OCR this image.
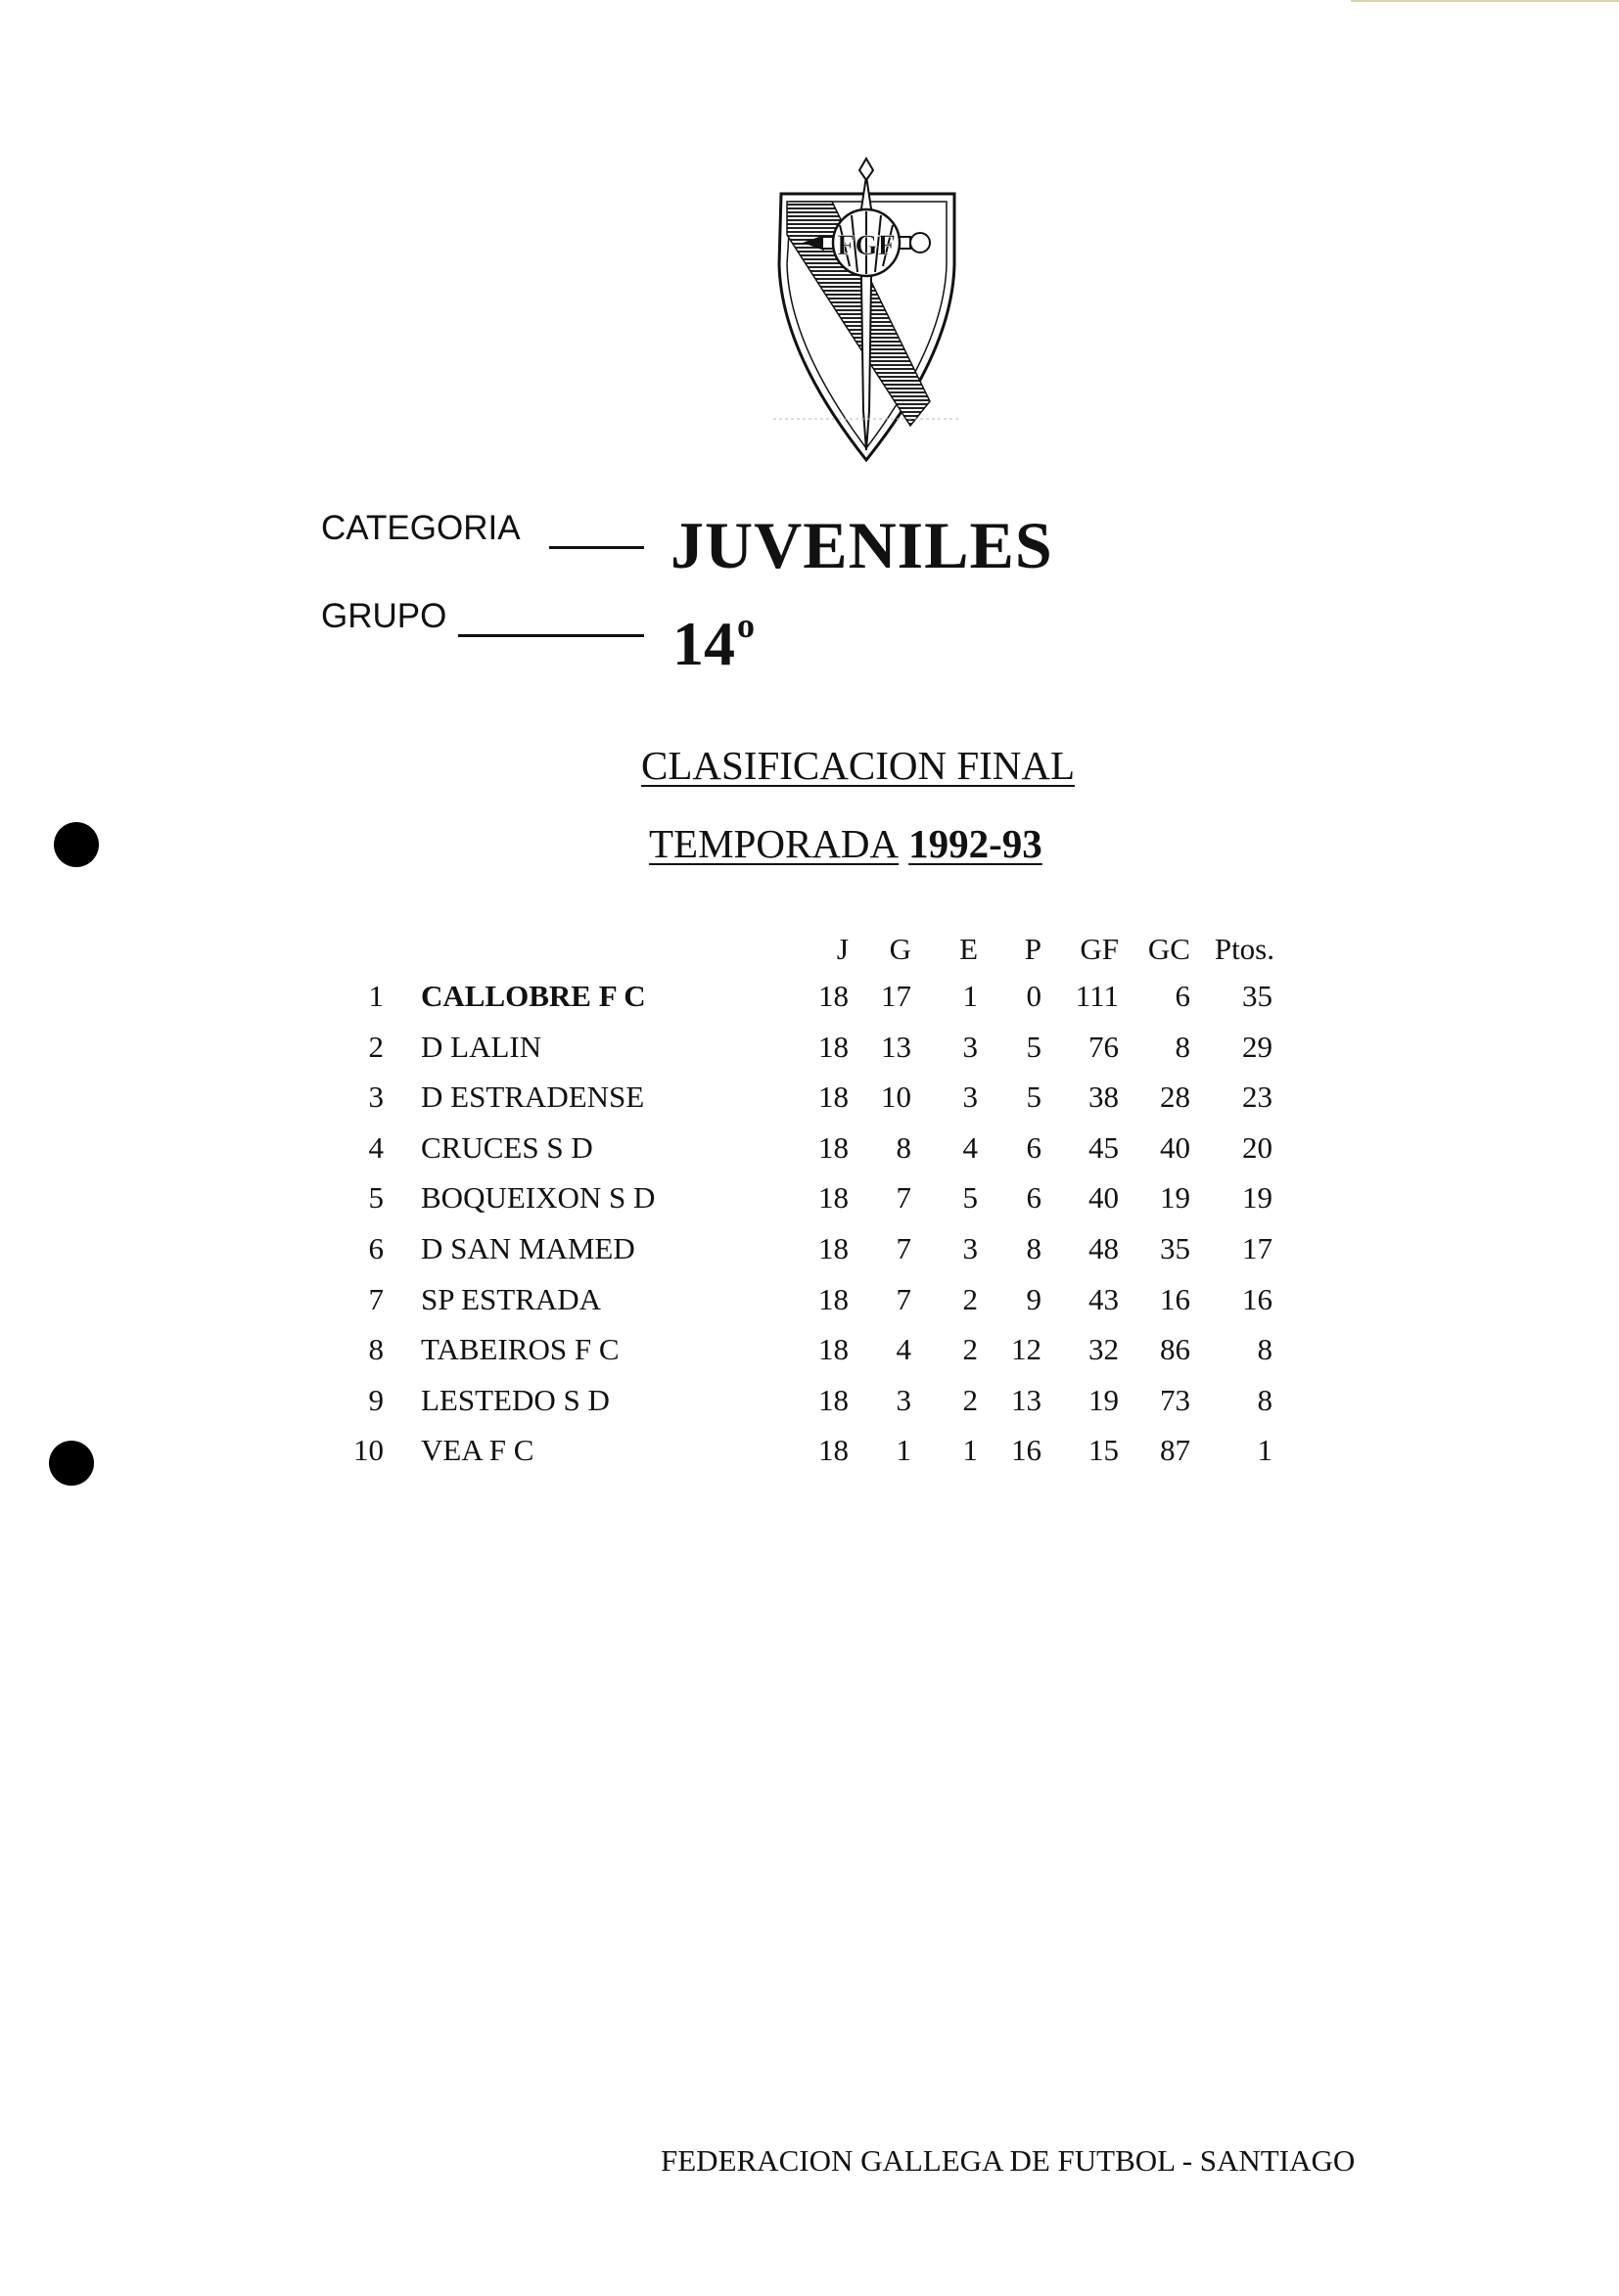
FGF
CATEGORIA JUVENILES
GRUPO	14$^o$
CLASIFICACION FINAL
TEMPORADA 1992-93
J G E P GF GC Ptos.
1 CALLOBRE F C	18 17 1 0 111 6 35
2 D LALIN	18 13 3 5 76 8 29
3 D ESTRADENSE	18 10 3 5 38 28 23
4 CRUCES S D	18 8 4 6 45 40 20
5 BOQUEIXON S D	18 7 5 6 40 19 19
6 D SAN MAMED	18 7 3 8 48 35 17
7 SP ESTRADA	18 7 2 9 43 16 16
8 TABEIROS F C	18 4 2 12 32 86 8
9 LESTEDO S D	18 3 2 13 19 73 8
10 VEA F C	18 1 1 16 15 87 1
FEDERACION GALLEGA DE FUTBOL - SANTIAGO
